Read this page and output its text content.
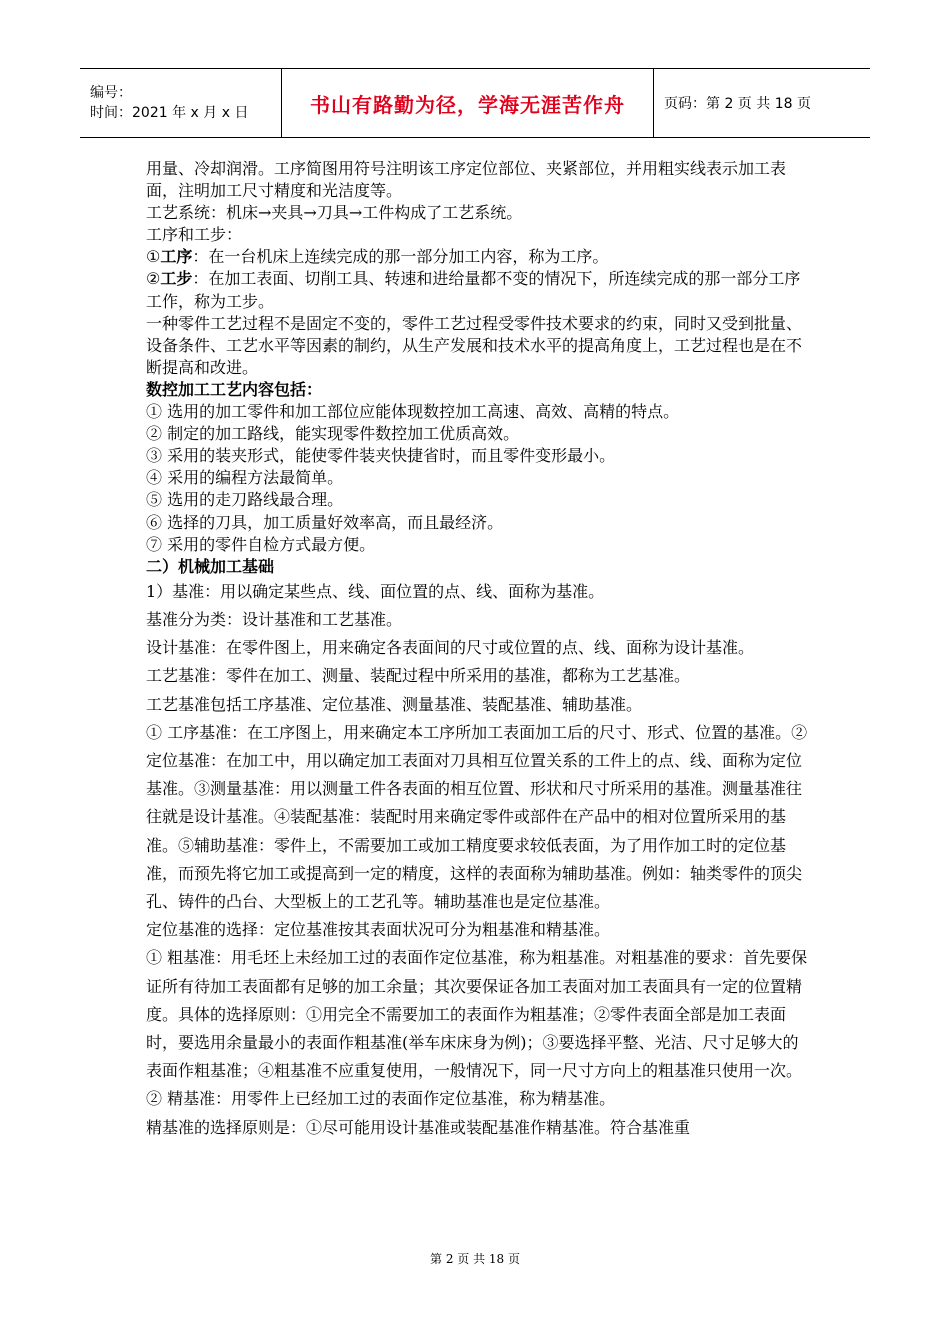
编号：
时间：2021 年 x 月 x 日	书山有路勤为径，学海无涯苦作舟	页码：第 2 页 共 18 页

用量、冷却润滑。工序简图用符号注明该工序定位部位、夹紧部位，并用粗实线表示加工表面，注明加工尺寸精度和光洁度等。

工艺系统：机床→夹具→刀具→工件构成了工艺系统。

工序和工步：

①工序：在一台机床上连续完成的那一部分加工内容，称为工序。

②工步：在加工表面、切削工具、转速和进给量都不变的情况下，所连续完成的那一部分工序工作，称为工步。

一种零件工艺过程不是固定不变的，零件工艺过程受零件技术要求的约束，同时又受到批量、设备条件、工艺水平等因素的制约，从生产发展和技术水平的提高角度上，工艺过程也是在不断提高和改进。

数控加工工艺内容包括：

① 选用的加工零件和加工部位应能体现数控加工高速、高效、高精的特点。

② 制定的加工路线，能实现零件数控加工优质高效。

③ 采用的装夹形式，能使零件装夹快捷省时，而且零件变形最小。

④ 采用的编程方法最简单。

⑤ 选用的走刀路线最合理。

⑥ 选择的刀具，加工质量好效率高，而且最经济。

⑦ 采用的零件自检方式最方便。

二）机械加工基础

1）基准：用以确定某些点、线、面位置的点、线、面称为基准。

基准分为类：设计基准和工艺基准。

设计基准：在零件图上，用来确定各表面间的尺寸或位置的点、线、面称为设计基准。

工艺基准：零件在加工、测量、装配过程中所采用的基准，都称为工艺基准。

工艺基准包括工序基准、定位基准、测量基准、装配基准、辅助基准。

① 工序基准：在工序图上，用来确定本工序所加工表面加工后的尺寸、形式、位置的基准。②定位基准：在加工中，用以确定加工表面对刀具相互位置关系的工件上的点、线、面称为定位基准。③测量基准：用以测量工件各表面的相互位置、形状和尺寸所采用的基准。测量基准往往就是设计基准。④装配基准：装配时用来确定零件或部件在产品中的相对位置所采用的基准。⑤辅助基准：零件上，不需要加工或加工精度要求较低表面，为了用作加工时的定位基准，而预先将它加工或提高到一定的精度，这样的表面称为辅助基准。例如：轴类零件的顶尖孔、铸件的凸台、大型板上的工艺孔等。辅助基准也是定位基准。

定位基准的选择：定位基准按其表面状况可分为粗基准和精基准。

① 粗基准：用毛坯上未经加工过的表面作定位基准，称为粗基准。对粗基准的要求：首先要保证所有待加工表面都有足够的加工余量；其次要保证各加工表面对加工表面具有一定的位置精度。具体的选择原则：①用完全不需要加工的表面作为粗基准；②零件表面全部是加工表面时，要选用余量最小的表面作粗基准(举车床床身为例)；③要选择平整、光洁、尺寸足够大的表面作粗基准；④粗基准不应重复使用，一般情况下，同一尺寸方向上的粗基准只使用一次。

② 精基准：用零件上已经加工过的表面作定位基准，称为精基准。

精基准的选择原则是：①尽可能用设计基准或装配基准作精基准。符合基准重

第 2 页 共 18 页
